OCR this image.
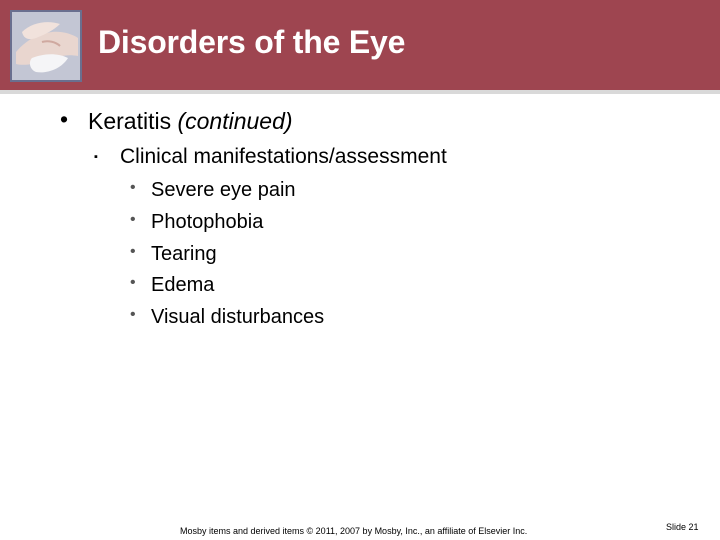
Disorders of the Eye
• Keratitis (continued)
▪ Clinical manifestations/assessment
• Severe eye pain
• Photophobia
• Tearing
• Edema
• Visual disturbances
Mosby items and derived items © 2011, 2007 by Mosby, Inc., an affiliate of Elsevier Inc.	Slide 21
